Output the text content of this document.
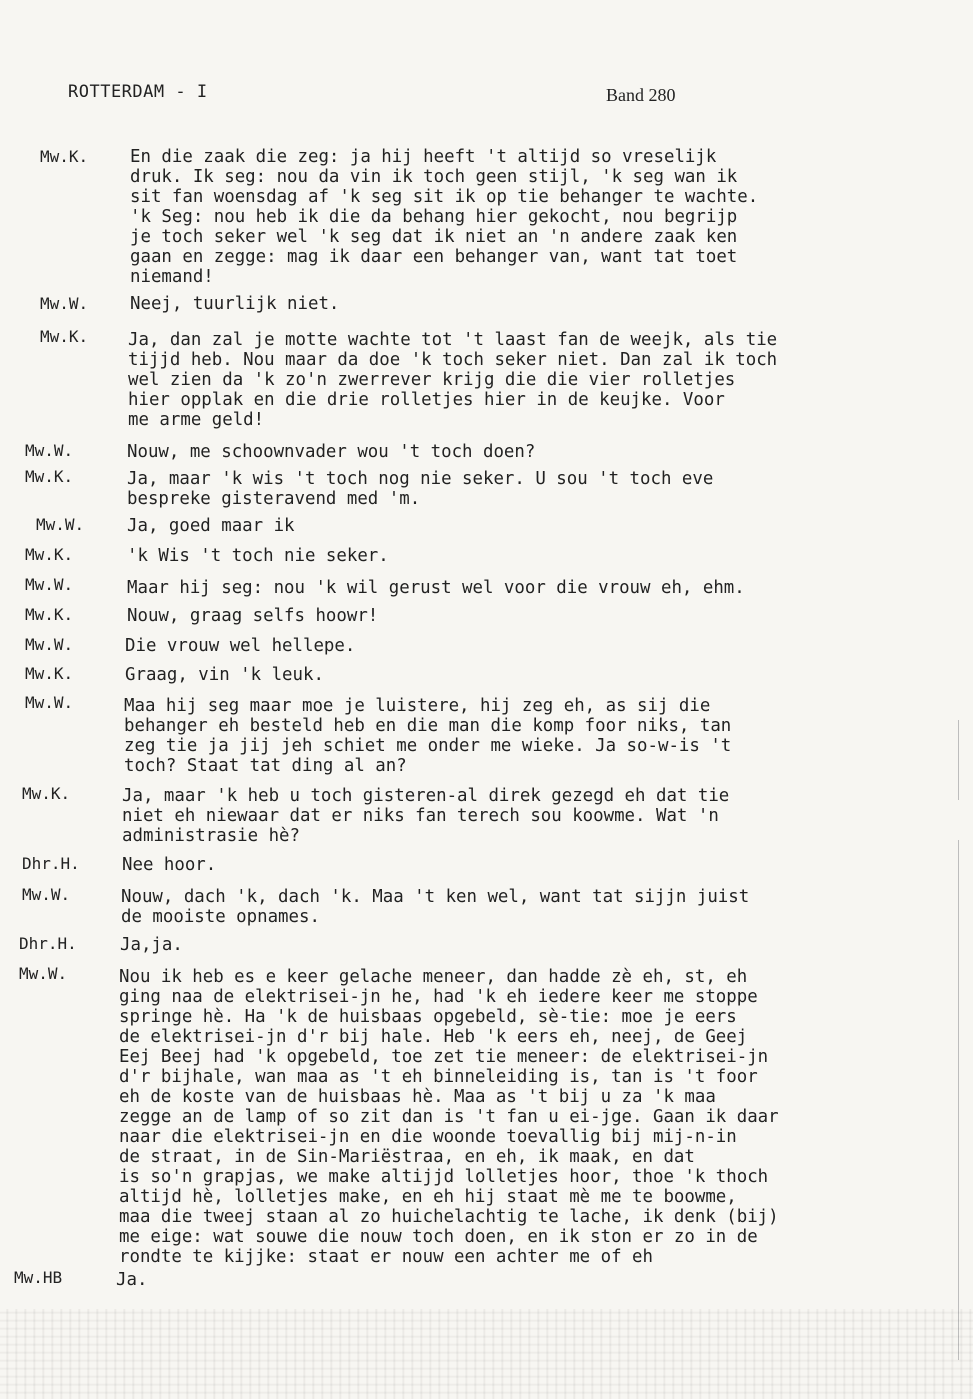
ROTTERDAM - I	Band 280
Mw.K. En die zaak die zeg: ja hij heeft 't altijd so vreselijk
druk. Ik seg: nou da vin ik toch geen stijl, 'k seg wan ik
sit fan woensdag af 'k seg sit ik op tie behanger te wachte.
'k Seg: nou heb ik die da behang hier gekocht, nou begrijp
je toch seker wel 'k seg dat ik niet an 'n andere zaak ken
gaan en zegge: mag ik daar een behanger van, want tat toet
niemand!
Mw.W. Neej, tuurlijk niet.
Mw.K. Ja, dan zal je motte wachte tot 't laast fan de weejk, als tie
tijjd heb. Nou maar da doe 'k toch seker niet. Dan zal ik toch
wel zien da 'k zo'n zwerrever krijg die die vier rolletjes
hier opplak en die drie rolletjes hier in de keujke. Voor
me arme geld!
Mw.W.	Nouw, me schoownvader wou 't toch doen?
Mw.K.	Ja, maar 'k wis 't toch nog nie seker. U sou 't toch eve
bespreke gisteravend med 'm.
Mw.W. Ja, goed maar ik
Mw.K.	'k Wis 't toch nie seker.
Mw.W.	Maar hij seg: nou 'k wil gerust wel voor die vrouw eh, ehm.
Mw.K.	Nouw, graag selfs hoowr!
Mw.W.	Die vrouw wel hellepe.
Mw.K.	Graag, vin 'k leuk.
Mw.W.	Maa hij seg maar moe je luistere, hij zeg eh, as sij die
behanger eh besteld heb en die man die komp foor niks, tan
zeg tie ja jij jeh schiet me onder me wieke. Ja so-w-is 't
toch? Staat tat ding al an?
Mw.K.	Ja, maar 'k heb u toch gisteren-al direk gezegd eh dat tie
niet eh niewaar dat er niks fan terech sou koowme. Wat 'n
administrasie hè?
Dhr.H. Nee hoor.
Mw.W.	Nouw, dach 'k, dach 'k. Maa 't ken wel, want tat sijjn juist
de mooiste opnames.
Dhr.H. Ja,ja.
Mw.W.	Nou ik heb es e keer gelache meneer, dan hadde zè eh, st, eh
ging naa de elektrisei-jn he, had 'k eh iedere keer me stoppe
springe hè. Ha 'k de huisbaas opgebeld, sè-tie: moe je eers
de elektrisei-jn d'r bij hale. Heb 'k eers eh, neej, de Geej
Eej Beej had 'k opgebeld, toe zet tie meneer: de elektrisei-jn
d'r bijhale, wan maa as 't eh binneleiding is, tan is 't foor
eh de koste van de huisbaas hè. Maa as 't bij u za 'k maa
zegge an de lamp of so zit dan is 't fan u ei-jge. Gaan ik daar
naar die elektrisei-jn en die woonde toevallig bij mij-n-in
de straat, in de Sin-Mariëstraa, en eh, ik maak, en dat
is so'n grapjas, we make altijjd lolletjes hoor, thoe 'k thoch
altijd hè, lolletjes make, en eh hij staat mè me te boowme,
maa die tweej staan al zo huichelachtig te lache, ik denk (bij)
me eige: wat souwe die nouw toch doen, en ik ston er zo in de
rondte te kijjke: staat er nouw een achter me of eh
Mw.HB	Ja.
